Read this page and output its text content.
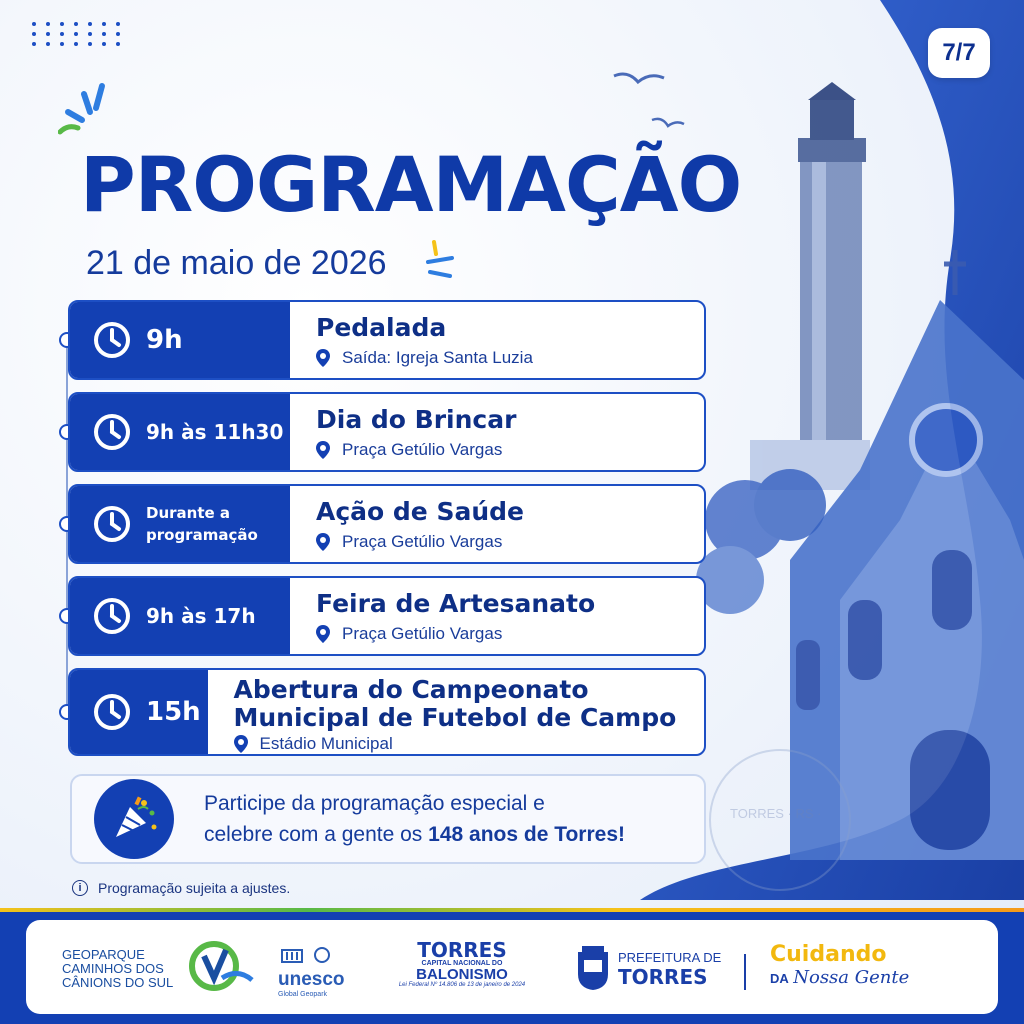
TORRES · RS ·
7/7
PROGRAMAÇÃO
21 de maio de 2026
9h	Pedalada
Saída: Igreja Santa Luzia
9h às 11h30 Dia do Brincar
Praça Getúlio Vargas
Durante a programação
Ação de Saúde
Praça Getúlio Vargas
9h às 17h Feira de Artesanato
Praça Getúlio Vargas
15h
Abertura do Campeonato Municipal de Futebol de Campo
Estádio Municipal
Participe da programação especial e
celebre com a gente os 148 anos de Torres!
i	Programação sujeita a ajustes.
GEOPARQUE
CAMINHOS DOS
CÂNIONS DO SUL	unesco
Global Geopark
TORRES
CAPITAL NACIONAL DO
BALONISMO
Lei Federal Nº 14.806 de 13 de janeiro de 2024
PREFEITURA DE
TORRES
Cuidando
DA Nossa Gente
